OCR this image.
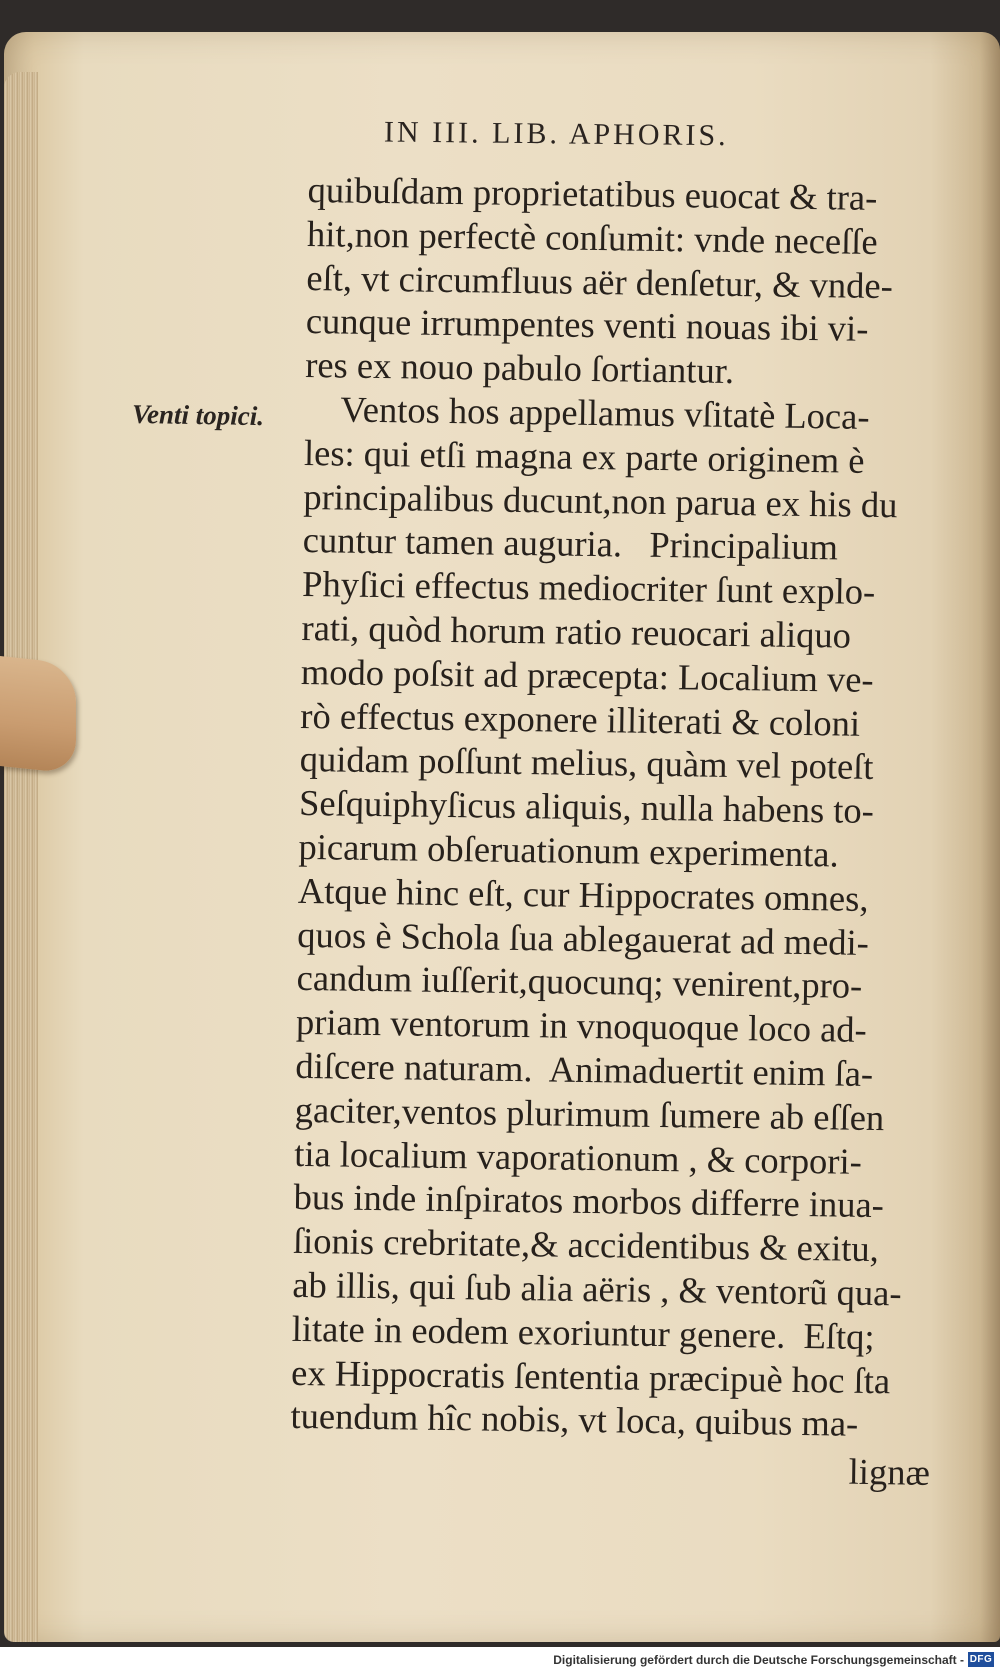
IN III. LIB. APHORIS.
Venti topici.
quibuſdam proprietatibus euocat & tra-
hit,non perfectè conſumit: vnde neceſſe
eſt, vt circumfluus aër denſetur, & vnde-
cunque irrumpentes venti nouas ibi vi-
res ex nouo pabulo ſortiantur.
Ventos hos appellamus vſitatè Loca-
les: qui etſi magna ex parte originem è
principalibus ducunt,non parua ex his du
cuntur tamen auguria.   Principalium
Phyſici effectus mediocriter ſunt explo-
rati, quòd horum ratio reuocari aliquo
modo poſsit ad præcepta: Localium ve-
rò effectus exponere illiterati & coloni
quidam poſſunt melius, quàm vel poteſt
Seſquiphyſicus aliquis, nulla habens to-
picarum obſeruationum experimenta.
Atque hinc eſt, cur Hippocrates omnes,
quos è Schola ſua ablegauerat ad medi-
candum iuſſerit,quocunq; venirent,pro-
priam ventorum in vnoquoque loco ad-
diſcere naturam.  Animaduertit enim ſa-
gaciter,ventos plurimum ſumere ab eſſen
tia localium vaporationum , & corpori-
bus inde inſpiratos morbos differre inua-
ſionis crebritate,& accidentibus & exitu,
ab illis, qui ſub alia aëris , & ventorũ qua-
litate in eodem exoriuntur genere.  Eſtq;
ex Hippocratis ſententia præcipuè hoc ſta
tuendum hîc nobis, vt loca, quibus ma-
lignæ
Digitalisierung gefördert durch die Deutsche Forschungsgemeinschaft - DFG
